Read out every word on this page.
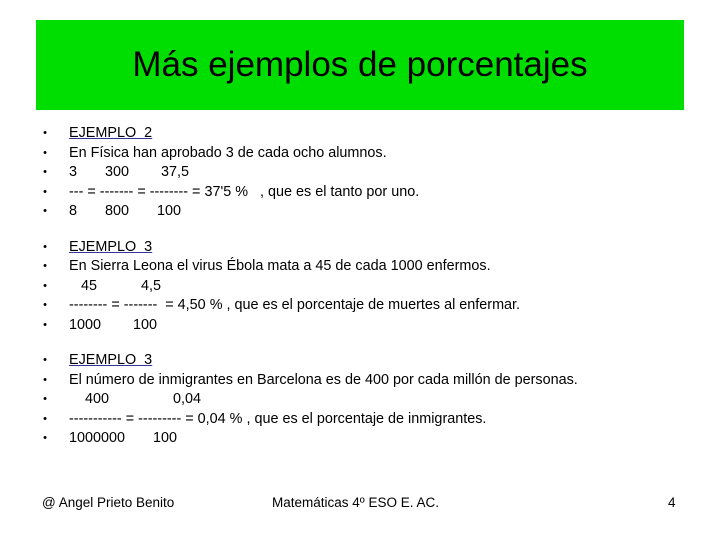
Más ejemplos de porcentajes

•

EJEMPLO  2

•

En Física han aprobado 3 de cada ocho alumnos.

•

3       300        37,5

•

--- = ------- = -------- = 37'5 %   , que es el tanto por uno.

•

8       800       100

•

EJEMPLO  3

•

En Sierra Leona el virus Ébola mata a 45 de cada 1000 enfermos.

•

45           4,5

•

-------- = -------  = 4,50 % , que es el porcentaje de muertes al enfermar.

•

1000        100

•

EJEMPLO  3

•

El número de inmigrantes en Barcelona es de 400 por cada millón de personas.

•

400                0,04

•

----------- = --------- = 0,04 % , que es el porcentaje de inmigrantes.

•

1000000       100

@ Angel Prieto Benito	Matemáticas 4º ESO E. AC.	4
